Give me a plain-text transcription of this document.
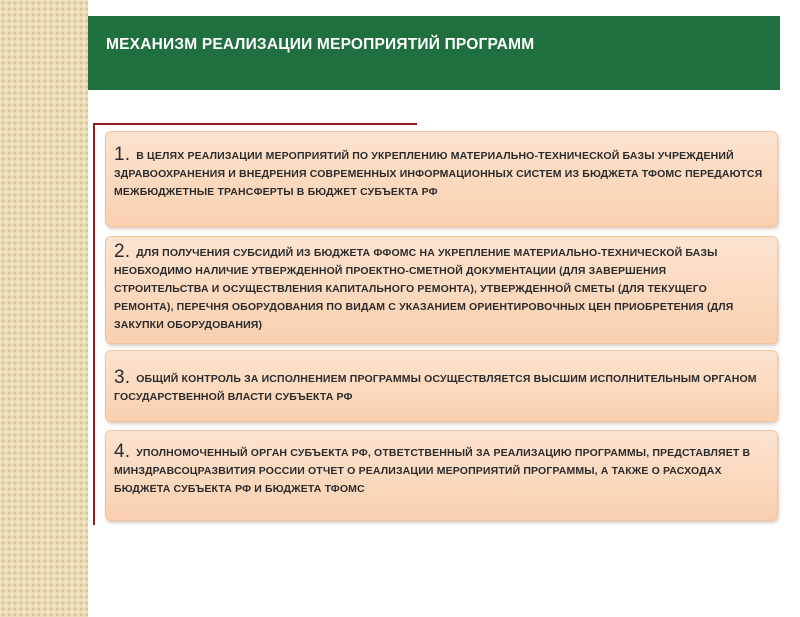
МЕХАНИЗМ РЕАЛИЗАЦИИ МЕРОПРИЯТИЙ ПРОГРАММ

1. В ЦЕЛЯХ РЕАЛИЗАЦИИ МЕРОПРИЯТИЙ ПО УКРЕПЛЕНИЮ МАТЕРИАЛЬНО-ТЕХНИЧЕСКОЙ БАЗЫ УЧРЕЖДЕНИЙ ЗДРАВООХРАНЕНИЯ И ВНЕДРЕНИЯ СОВРЕМЕННЫХ ИНФОРМАЦИОННЫХ СИСТЕМ ИЗ БЮДЖЕТА ТФОМС ПЕРЕДАЮТСЯ МЕЖБЮДЖЕТНЫЕ ТРАНСФЕРТЫ В БЮДЖЕТ СУБЪЕКТА РФ

2. ДЛЯ ПОЛУЧЕНИЯ СУБСИДИЙ ИЗ БЮДЖЕТА ФФОМС НА УКРЕПЛЕНИЕ МАТЕРИАЛЬНО-ТЕХНИЧЕСКОЙ БАЗЫ НЕОБХОДИМО НАЛИЧИЕ УТВЕРЖДЕННОЙ ПРОЕКТНО-СМЕТНОЙ ДОКУМЕНТАЦИИ (ДЛЯ ЗАВЕРШЕНИЯ СТРОИТЕЛЬСТВА И ОСУЩЕСТВЛЕНИЯ КАПИТАЛЬНОГО РЕМОНТА), УТВЕРЖДЕННОЙ СМЕТЫ (ДЛЯ ТЕКУЩЕГО РЕМОНТА), ПЕРЕЧНЯ ОБОРУДОВАНИЯ ПО ВИДАМ С УКАЗАНИЕМ ОРИЕНТИРОВОЧНЫХ ЦЕН ПРИОБРЕТЕНИЯ (ДЛЯ ЗАКУПКИ ОБОРУДОВАНИЯ)

3. ОБЩИЙ КОНТРОЛЬ ЗА ИСПОЛНЕНИЕМ ПРОГРАММЫ ОСУЩЕСТВЛЯЕТСЯ ВЫСШИМ ИСПОЛНИТЕЛЬНЫМ ОРГАНОМ ГОСУДАРСТВЕННОЙ ВЛАСТИ СУБЪЕКТА РФ

4. УПОЛНОМОЧЕННЫЙ ОРГАН СУБЪЕКТА РФ, ОТВЕТСТВЕННЫЙ ЗА РЕАЛИЗАЦИЮ ПРОГРАММЫ, ПРЕДСТАВЛЯЕТ В МИНЗДРАВСОЦРАЗВИТИЯ РОССИИ ОТЧЕТ О РЕАЛИЗАЦИИ МЕРОПРИЯТИЙ ПРОГРАММЫ, А ТАКЖЕ О РАСХОДАХ БЮДЖЕТА СУБЪЕКТА РФ И БЮДЖЕТА ТФОМС
